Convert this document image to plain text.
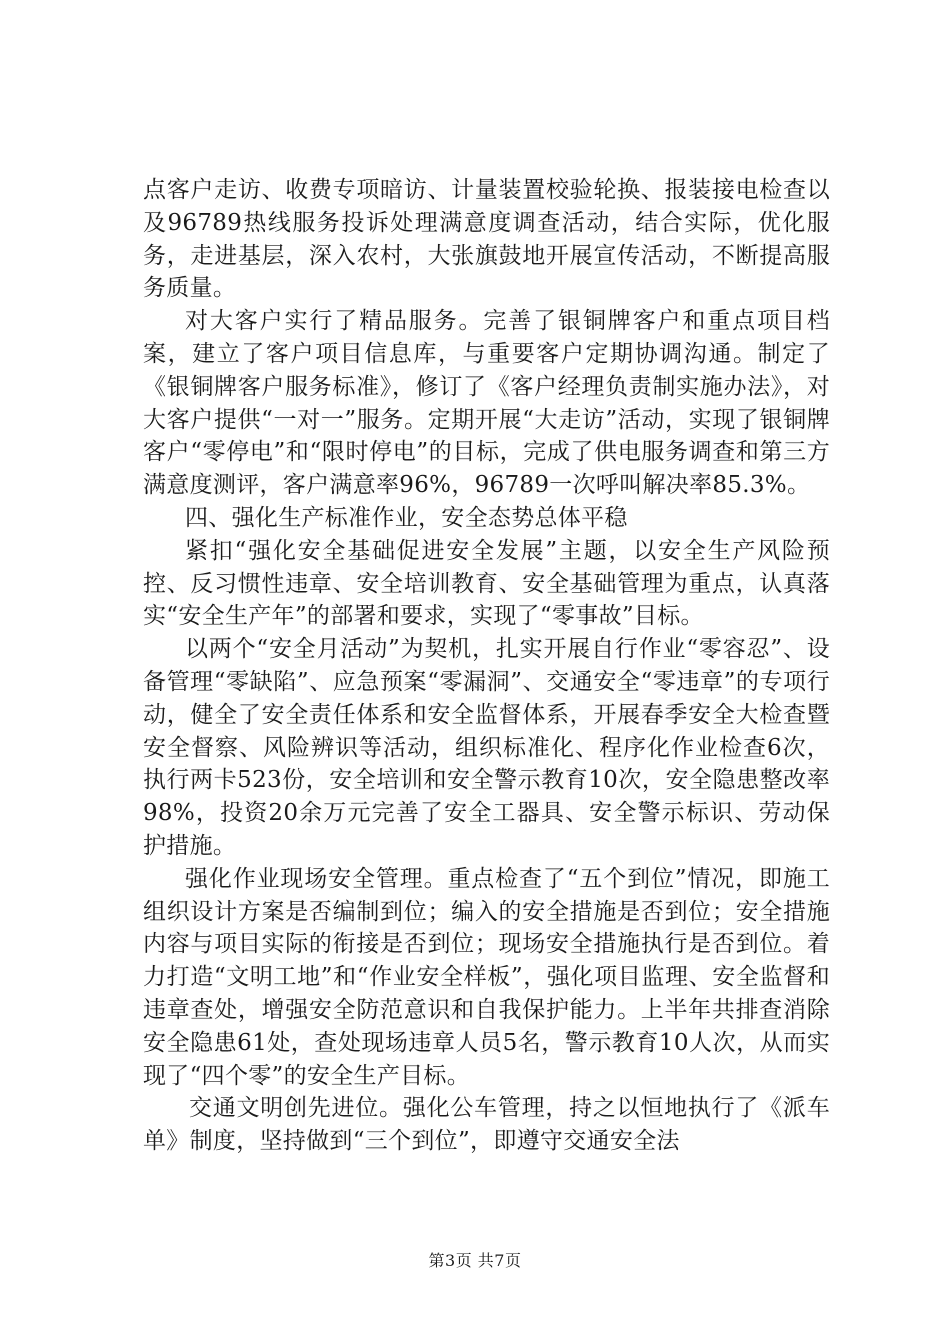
点客户走访、收费专项暗访、计量装置校验轮换、报装接电检查以及96789热线服务投诉处理满意度调查活动，结合实际，优化服务，走进基层，深入农村，大张旗鼓地开展宣传活动，不断提高服务质量。

对大客户实行了精品服务。完善了银铜牌客户和重点项目档案，建立了客户项目信息库，与重要客户定期协调沟通。制定了《银铜牌客户服务标准》，修订了《客户经理负责制实施办法》，对大客户提供“一对一”服务。定期开展“大走访”活动，实现了银铜牌客户“零停电”和“限时停电”的目标，完成了供电服务调查和第三方满意度测评，客户满意率96%，96789一次呼叫解决率85.3%。

四、强化生产标准作业，安全态势总体平稳

紧扣“强化安全基础促进安全发展”主题，以安全生产风险预控、反习惯性违章、安全培训教育、安全基础管理为重点，认真落实“安全生产年”的部署和要求，实现了“零事故”目标。

以两个“安全月活动”为契机，扎实开展自行作业“零容忍”、设备管理“零缺陷”、应急预案“零漏洞”、交通安全“零违章”的专项行动，健全了安全责任体系和安全监督体系，开展春季安全大检查暨安全督察、风险辨识等活动，组织标准化、程序化作业检查6次，执行两卡523份，安全培训和安全警示教育10次，安全隐患整改率98%，投资20余万元完善了安全工器具、安全警示标识、劳动保护措施。

强化作业现场安全管理。重点检查了“五个到位”情况，即施工组织设计方案是否编制到位；编入的安全措施是否到位；安全措施内容与项目实际的衔接是否到位；现场安全措施执行是否到位。着力打造“文明工地”和“作业安全样板”，强化项目监理、安全监督和违章查处，增强安全防范意识和自我保护能力。上半年共排查消除安全隐患61处，查处现场违章人员5名，警示教育10人次，从而实现了“四个零”的安全生产目标。

交通文明创先进位。强化公车管理，持之以恒地执行了《派车单》制度，坚持做到“三个到位”，即遵守交通安全法

第3页 共7页
